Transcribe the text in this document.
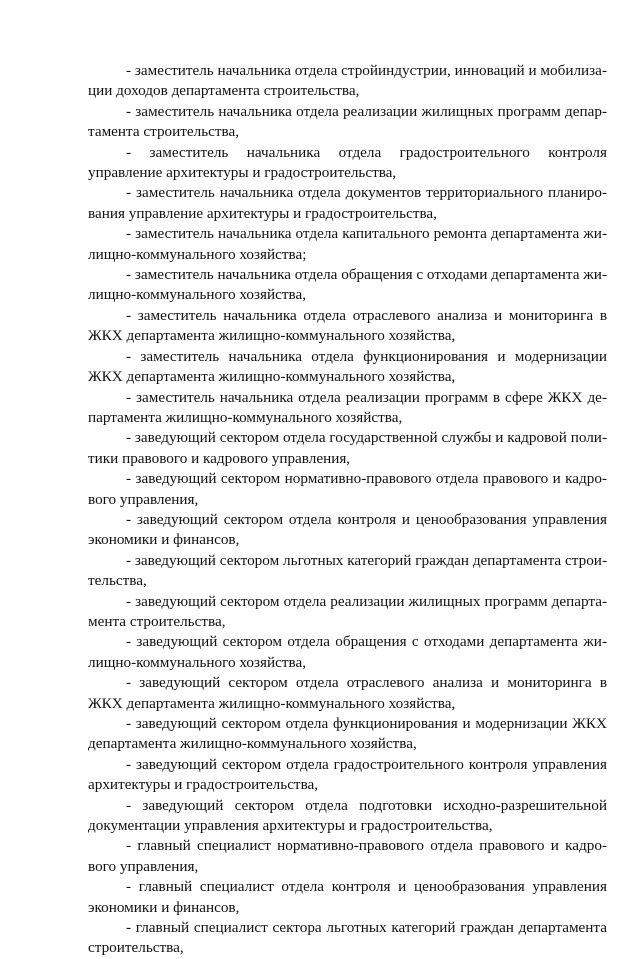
- заместитель начальника отдела стройиндустрии, инноваций и мобилизации доходов департамента строительства,

- заместитель начальника отдела реализации жилищных программ департамента строительства,

- заместитель начальника отдела градостроительного контроля управление архитектуры и градостроительства,

- заместитель начальника отдела документов территориального планирования управление архитектуры и градостроительства,

- заместитель начальника отдела капитального ремонта департамента жилищно-коммунального хозяйства;

- заместитель начальника отдела обращения с отходами департамента жилищно-коммунального хозяйства,

- заместитель начальника отдела отраслевого анализа и мониторинга в ЖКХ департамента жилищно-коммунального хозяйства,

- заместитель начальника отдела функционирования и модернизации ЖКХ департамента жилищно-коммунального хозяйства,

- заместитель начальника отдела реализации программ в сфере ЖКХ департамента жилищно-коммунального хозяйства,

- заведующий сектором отдела государственной службы и кадровой политики правового и кадрового управления,

- заведующий сектором нормативно-правового отдела правового и кадрового управления,

- заведующий сектором отдела контроля и ценообразования управления экономики и финансов,

- заведующий сектором льготных категорий граждан департамента строительства,

- заведующий сектором отдела реализации жилищных программ департамента строительства,

- заведующий сектором отдела обращения с отходами департамента жилищно-коммунального хозяйства,

- заведующий сектором отдела отраслевого анализа и мониторинга в ЖКХ департамента жилищно-коммунального хозяйства,

- заведующий сектором отдела функционирования и модернизации ЖКХ департамента жилищно-коммунального хозяйства,

- заведующий сектором отдела градостроительного контроля управления архитектуры и градостроительства,

- заведующий сектором отдела подготовки исходно-разрешительной документации управления архитектуры и градостроительства,

- главный специалист нормативно-правового отдела правового и кадрового управления,

- главный специалист отдела контроля и ценообразования управления экономики и финансов,

- главный специалист сектора льготных категорий граждан департамента строительства,
